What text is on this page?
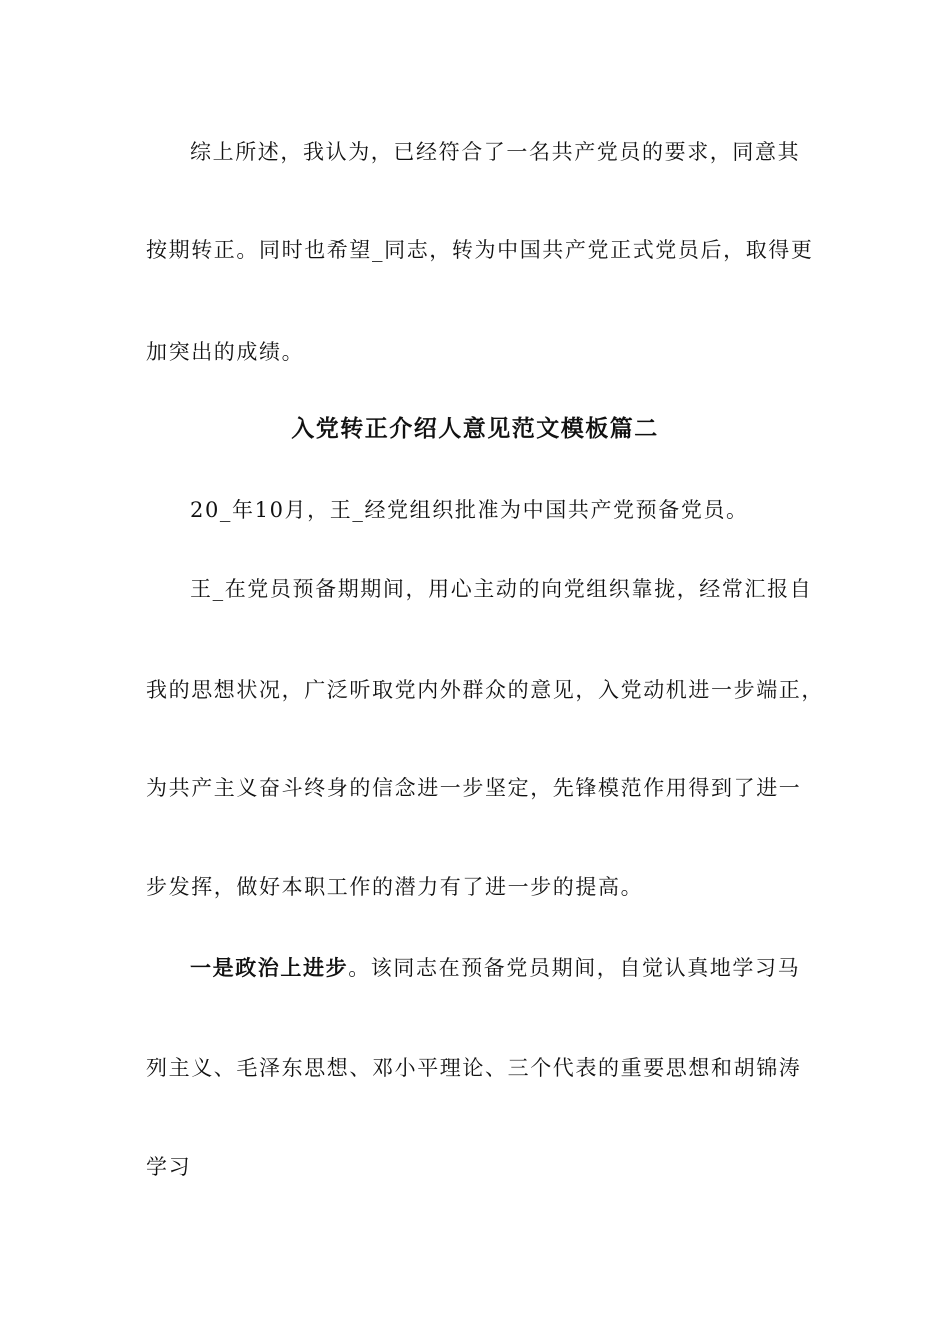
综上所述，我认为，已经符合了一名共产党员的要求，同意其
按期转正。同时也希望_同志，转为中国共产党正式党员后，取得更
加突出的成绩。
入党转正介绍人意见范文模板篇二
20_年10月，王_经党组织批准为中国共产党预备党员。
王_在党员预备期期间，用心主动的向党组织靠拢，经常汇报自
我的思想状况，广泛听取党内外群众的意见，入党动机进一步端正，
为共产主义奋斗终身的信念进一步坚定，先锋模范作用得到了进一
步发挥，做好本职工作的潜力有了进一步的提高。
一是政治上进步。该同志在预备党员期间，自觉认真地学习马
列主义、毛泽东思想、邓小平理论、三个代表的重要思想和胡锦涛
学习
